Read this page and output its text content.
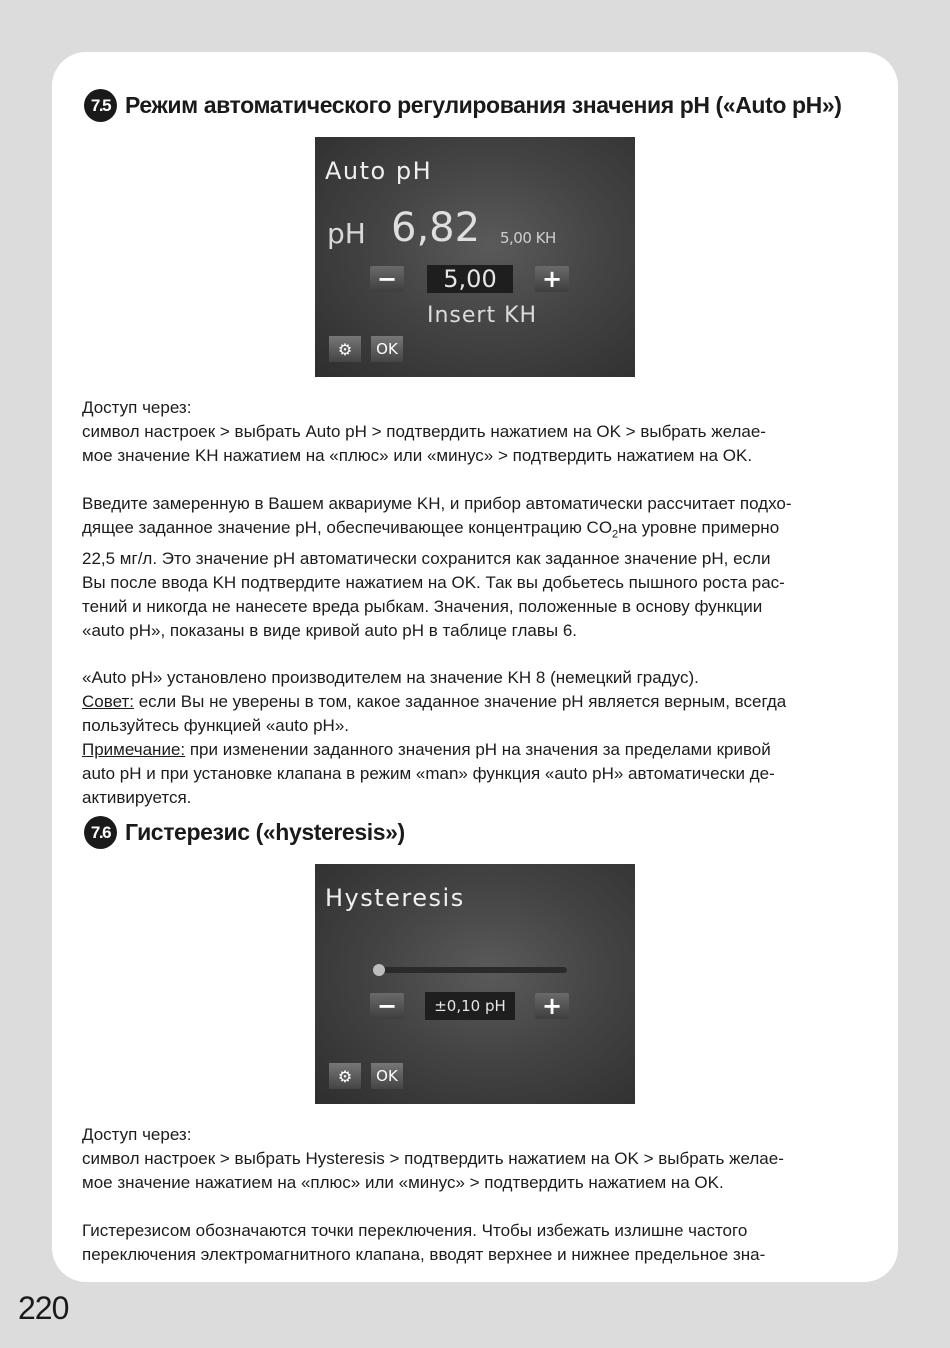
7.5 Режим автоматического регулирования значения pH («Auto pH»)
Auto pH
pH 6,82 5,00 KH
−	5,00	+
Insert KH
⚙	OK

Доступ через:

символ настроек > выбрать Auto pH > подтвердить нажатием на OK > выбрать желае-

мое значение KH нажатием на «плюс» или «минус» > подтвердить нажатием на OK.

Введите замеренную в Вашем аквариуме KH, и прибор автоматически рассчитает подхо-

дящее заданное значение pH, обеспечивающее концентрацию $CO_2на$ уровне примерно

22,5 мг/л. Это значение pH автоматически сохранится как заданное значение pH, если

Вы после ввода KH подтвердите нажатием на OK. Так вы добьетесь пышного роста рас-

тений и никогда не нанесете вреда рыбкам. Значения, положенные в основу функции

«auto pH», показаны в виде кривой auto pH в таблице главы 6.

«Auto pH» установлено производителем на значение KH 8 (немецкий градус).

Совет: если Вы не уверены в том, какое заданное значение pH является верным, всегда

пользуйтесь функцией «auto pH».

Примечание: при изменении заданного значения pH на значения за пределами кривой

auto pH и при установке клапана в режим «man» функция «auto pH» автоматически де-

активируется.

7.6 Гистерезис («hysteresis»)
Hysteresis
−	±0,10 pH	+
⚙	OK

Доступ через:

символ настроек > выбрать Hysteresis > подтвердить нажатием на OK > выбрать желае-

мое значение нажатием на «плюс» или «минус» > подтвердить нажатием на OK.

Гистерезисом обозначаются точки переключения. Чтобы избежать излишне частого

переключения электромагнитного клапана, вводят верхнее и нижнее предельное зна-

220
